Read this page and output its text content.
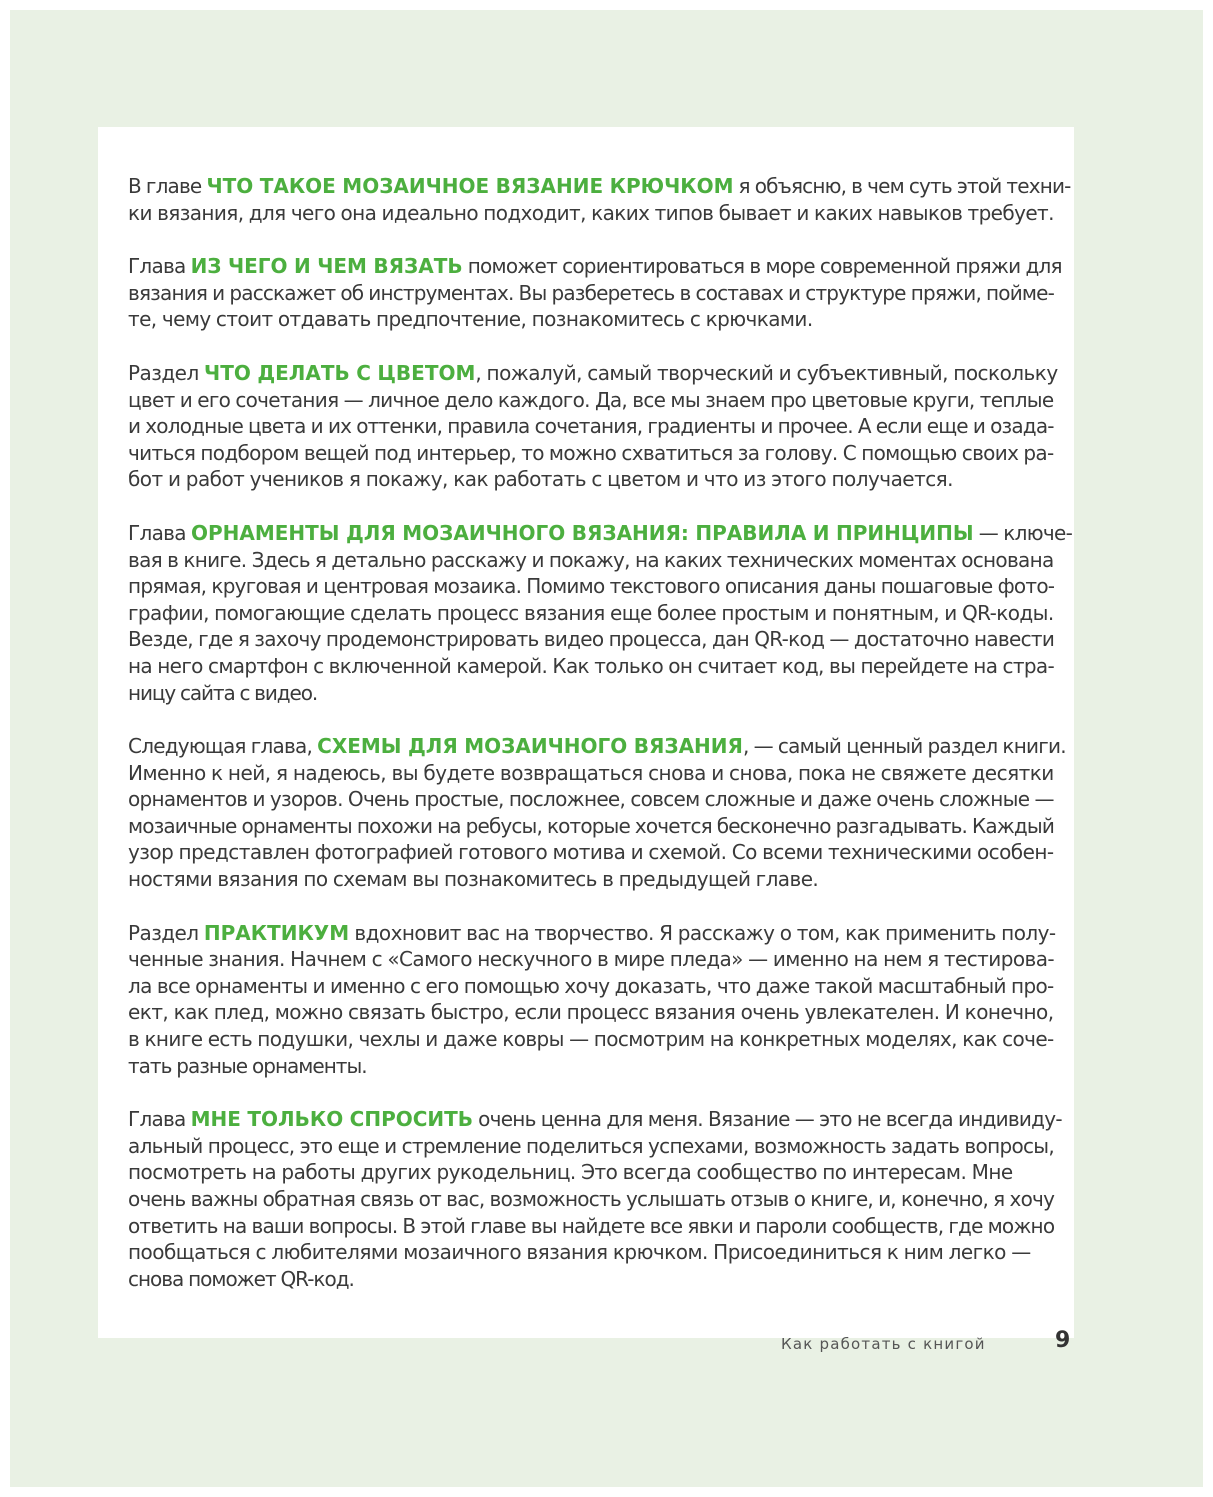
В главе ЧТО ТАКОЕ МОЗАИЧНОЕ ВЯЗАНИЕ КРЮЧКОМ я объясню, в чем суть этой техни-
ки вязания, для чего она идеально подходит, каких типов бывает и каких навыков требует.

Глава ИЗ ЧЕГО И ЧЕМ ВЯЗАТЬ поможет сориентироваться в море современной пряжи для
вязания и расскажет об инструментах. Вы разберетесь в составах и структуре пряжи, пойме-
те, чему стоит отдавать предпочтение, познакомитесь с крючками.

Раздел ЧТО ДЕЛАТЬ С ЦВЕТОМ, пожалуй, самый творческий и субъективный, поскольку
цвет и его сочетания — личное дело каждого. Да, все мы знаем про цветовые круги, теплые
и холодные цвета и их оттенки, правила сочетания, градиенты и прочее. А если еще и озада-
читься подбором вещей под интерьер, то можно схватиться за голову. С помощью своих ра-
бот и работ учеников я покажу, как работать с цветом и что из этого получается.

Глава ОРНАМЕНТЫ ДЛЯ МОЗАИЧНОГО ВЯЗАНИЯ: ПРАВИЛА И ПРИНЦИПЫ — ключе-
вая в книге. Здесь я детально расскажу и покажу, на каких технических моментах основана
прямая, круговая и центровая мозаика. Помимо текстового описания даны пошаговые фото-
графии, помогающие сделать процесс вязания еще более простым и понятным, и QR-коды.
Везде, где я захочу продемонстрировать видео процесса, дан QR-код — достаточно навести
на него смартфон с включенной камерой. Как только он считает код, вы перейдете на стра-
ницу сайта с видео.

Следующая глава, СХЕМЫ ДЛЯ МОЗАИЧНОГО ВЯЗАНИЯ, — самый ценный раздел книги.
Именно к ней, я надеюсь, вы будете возвращаться снова и снова, пока не свяжете десятки
орнаментов и узоров. Очень простые, посложнее, совсем сложные и даже очень сложные —
мозаичные орнаменты похожи на ребусы, которые хочется бесконечно разгадывать. Каждый
узор представлен фотографией готового мотива и схемой. Со всеми техническими особен-
ностями вязания по схемам вы познакомитесь в предыдущей главе.

Раздел ПРАКТИКУМ вдохновит вас на творчество. Я расскажу о том, как применить полу-
ченные знания. Начнем с «Самого нескучного в мире пледа» — именно на нем я тестирова-
ла все орнаменты и именно с его помощью хочу доказать, что даже такой масштабный про-
ект, как плед, можно связать быстро, если процесс вязания очень увлекателен. И конечно,
в книге есть подушки, чехлы и даже ковры — посмотрим на конкретных моделях, как соче-
тать разные орнаменты.

Глава МНЕ ТОЛЬКО СПРОСИТЬ очень ценна для меня. Вязание — это не всегда индивиду-
альный процесс, это еще и стремление поделиться успехами, возможность задать вопросы,
посмотреть на работы других рукодельниц. Это всегда сообщество по интересам. Мне
очень важны обратная связь от вас, возможность услышать отзыв о книге, и, конечно, я хочу
ответить на ваши вопросы. В этой главе вы найдете все явки и пароли сообществ, где можно
пообщаться с любителями мозаичного вязания крючком. Присоединиться к ним легко —
снова поможет QR-код.

Как работать с книгой	9
